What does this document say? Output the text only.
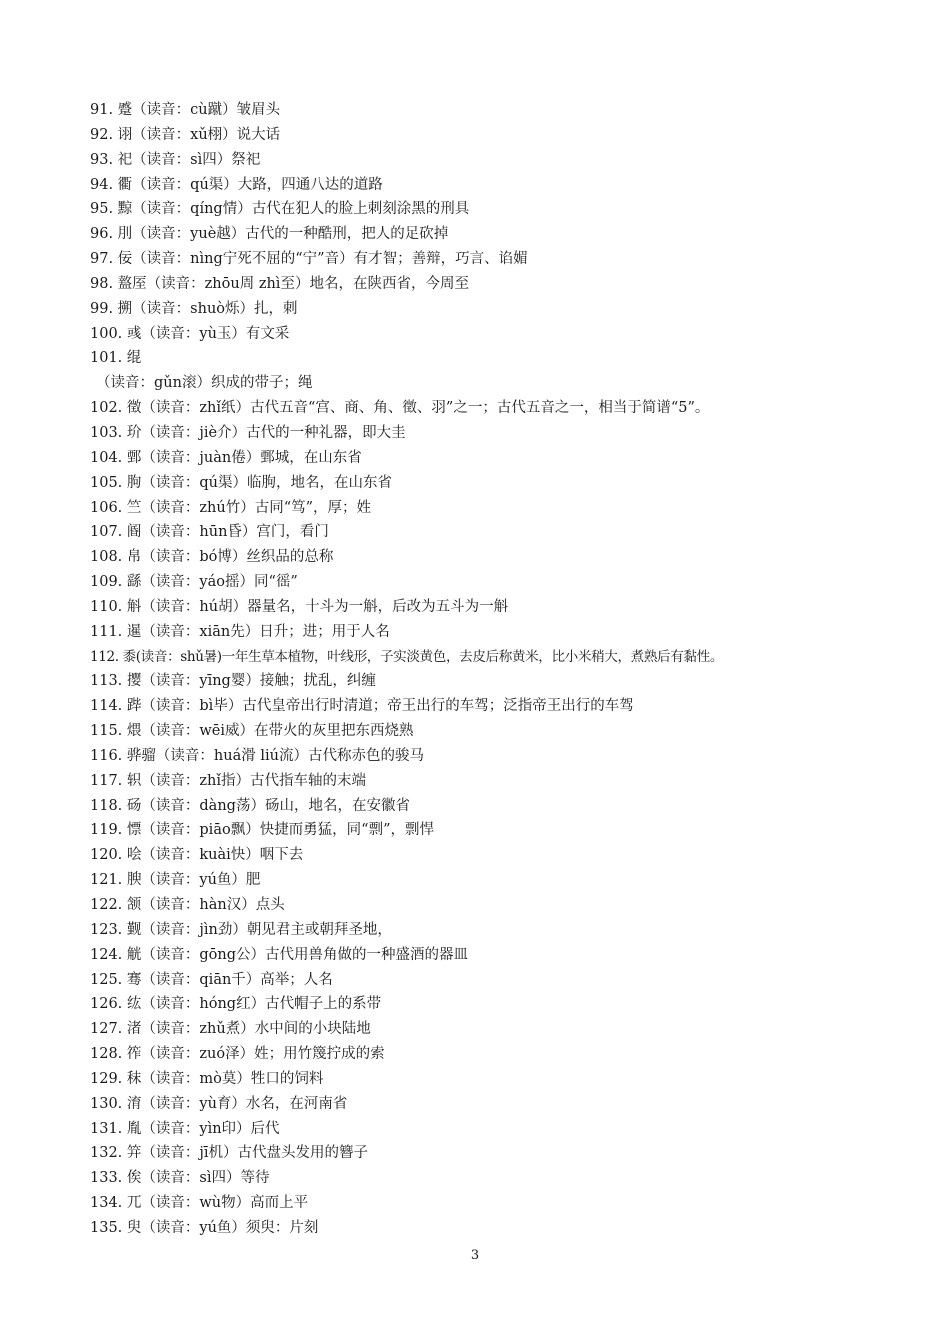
91. 蹙（读音：cù蹴）皱眉头
92. 诩（读音：xǔ栩）说大话
93. 祀（读音：sì四）祭祀
94. 衢（读音：qú渠）大路，四通八达的道路
95. 黥（读音：qíng情）古代在犯人的脸上刺刻涂黑的刑具
96. 刖（读音：yuè越）古代的一种酷刑，把人的足砍掉
97. 佞（读音：nìng宁死不屈的“宁”音）有才智；善辩，巧言、谄媚
98. 盩厔（读音：zhōu周 zhì至）地名，在陕西省，今周至
99. 搠（读音：shuò烁）扎，刺
100. 彧（读音：yù玉）有文采
101. 绲
（读音：gǔn滚）织成的带子；绳
102. 徵（读音：zhǐ纸）古代五音“宫、商、角、徵、羽”之一；古代五音之一，相当于简谱“5”。
103. 玠（读音：jiè介）古代的一种礼器，即大圭
104. 鄄（读音：juàn倦）鄄城，在山东省
105. 朐（读音：qú渠）临朐，地名，在山东省
106. 竺（读音：zhú竹）古同“笃”，厚；姓
107. 阍（读音：hūn昏）宫门，看门
108. 帛（读音：bó博）丝织品的总称
109. 繇（读音：yáo摇）同“徭”
110. 斛（读音：hú胡）器量名，十斗为一斛，后改为五斗为一斛
111. 暹（读音：xiān先）日升；进；用于人名
112. 黍(读音：shǔ暑)一年生草本植物，叶线形，子实淡黄色，去皮后称黄米，比小米稍大，煮熟后有黏性。
113. 撄（读音：yīng婴）接触；扰乱，纠缠
114. 跸（读音：bì毕）古代皇帝出行时清道；帝王出行的车驾；泛指帝王出行的车驾
115. 煨（读音：wēi威）在带火的灰里把东西烧熟
116. 骅骝（读音：huá滑 liú流）古代称赤色的骏马
117. 轵（读音：zhǐ指）古代指车轴的末端
118. 砀（读音：dàng荡）砀山，地名，在安徽省
119. 慓（读音：piāo飘）快捷而勇猛，同“剽”，剽悍
120. 哙（读音：kuài快）咽下去
121. 腴（读音：yú鱼）肥
122. 颔（读音：hàn汉）点头
123. 觐（读音：jìn劲）朝见君主或朝拜圣地，
124. 觥（读音：gōng公）古代用兽角做的一种盛酒的器皿
125. 骞（读音：qiān千）高举；人名
126. 纮（读音：hóng红）古代帽子上的系带
127. 渚（读音：zhǔ煮）水中间的小块陆地
128. 筰（读音：zuó泽）姓；用竹篾拧成的索
129. 秣（读音：mò莫）牲口的饲料
130. 淯（读音：yù育）水名，在河南省
131. 胤（读音：yìn印）后代
132. 笄（读音：jī机）古代盘头发用的簪子
133. 俟（读音：sì四）等待
134. 兀（读音：wù物）高而上平
135. 臾（读音：yú鱼）须臾：片刻
3
